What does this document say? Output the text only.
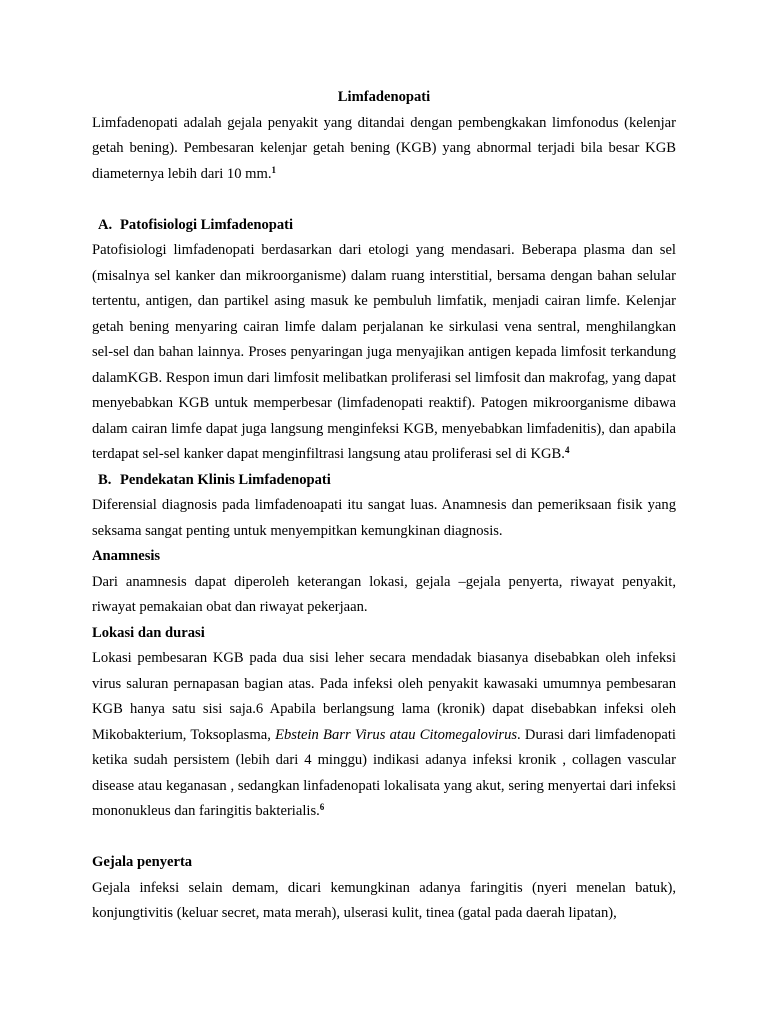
Limfadenopati

Limfadenopati adalah gejala penyakit yang ditandai dengan pembengkakan limfonodus (kelenjar getah bening). Pembesaran kelenjar getah bening (KGB) yang abnormal terjadi bila besar KGB diameternya lebih dari 10 mm.$^1$

A. Patofisiologi Limfadenopati

Patofisiologi limfadenopati berdasarkan dari etologi yang mendasari. Beberapa plasma dan sel (misalnya sel kanker dan mikroorganisme) dalam ruang interstitial, bersama dengan bahan selular tertentu, antigen, dan partikel asing masuk ke pembuluh limfatik, menjadi cairan limfe. Kelenjar getah bening menyaring cairan limfe dalam perjalanan ke sirkulasi vena sentral, menghilangkan sel-sel dan bahan lainnya. Proses penyaringan juga menyajikan antigen kepada limfosit terkandung dalamKGB. Respon imun dari limfosit melibatkan proliferasi sel limfosit dan makrofag, yang dapat menyebabkan KGB untuk memperbesar (limfadenopati reaktif). Patogen mikroorganisme dibawa dalam cairan limfe dapat juga langsung menginfeksi KGB, menyebabkan limfadenitis), dan apabila terdapat sel-sel kanker dapat menginfiltrasi langsung atau proliferasi sel di KGB.$^4$

B. Pendekatan Klinis Limfadenopati

Diferensial diagnosis pada limfadenoapati itu sangat luas. Anamnesis dan pemeriksaan fisik yang seksama sangat penting untuk menyempitkan kemungkinan diagnosis.

Anamnesis

Dari anamnesis dapat diperoleh keterangan lokasi, gejala –gejala penyerta, riwayat penyakit, riwayat pemakaian obat dan riwayat pekerjaan.

Lokasi dan durasi

Lokasi pembesaran KGB pada dua sisi leher secara mendadak biasanya disebabkan oleh infeksi virus saluran pernapasan bagian atas. Pada infeksi oleh penyakit kawasaki umumnya pembesaran KGB hanya satu sisi saja.6 Apabila berlangsung lama (kronik) dapat disebabkan infeksi oleh Mikobakterium, Toksoplasma, Ebstein Barr Virus atau Citomegalovirus. Durasi dari limfadenopati ketika sudah persistem (lebih dari 4 minggu) indikasi adanya infeksi kronik , collagen vascular disease atau keganasan , sedangkan linfadenopati lokalisata yang akut, sering menyertai dari infeksi mononukleus dan faringitis bakterialis.$^6$

Gejala penyerta

Gejala infeksi selain demam, dicari kemungkinan adanya faringitis (nyeri menelan batuk), konjungtivitis (keluar secret, mata merah), ulserasi kulit, tinea (gatal pada daerah lipatan),
